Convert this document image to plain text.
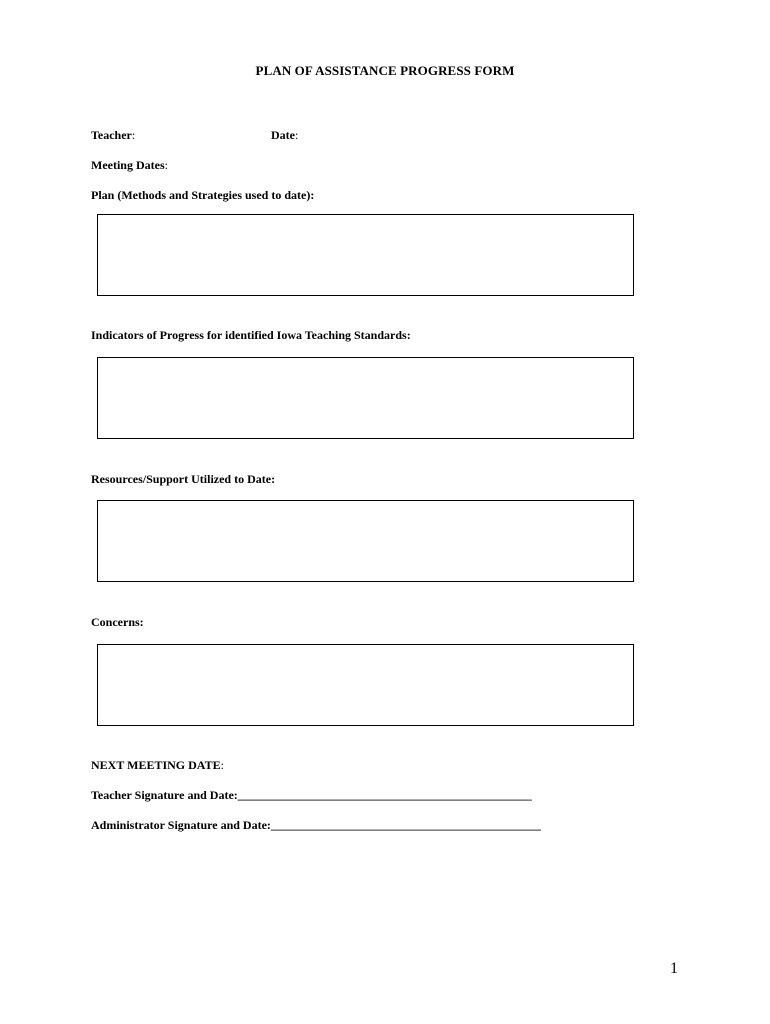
PLAN OF ASSISTANCE PROGRESS FORM
Teacher:	Date:
Meeting Dates:
Plan (Methods and Strategies used to date):
Indicators of Progress for identified Iowa Teaching Standards:
Resources/Support Utilized to Date:
Concerns:
NEXT MEETING DATE:
Teacher Signature and Date:_________________________________________________
Administrator Signature and Date:_____________________________________________
1
